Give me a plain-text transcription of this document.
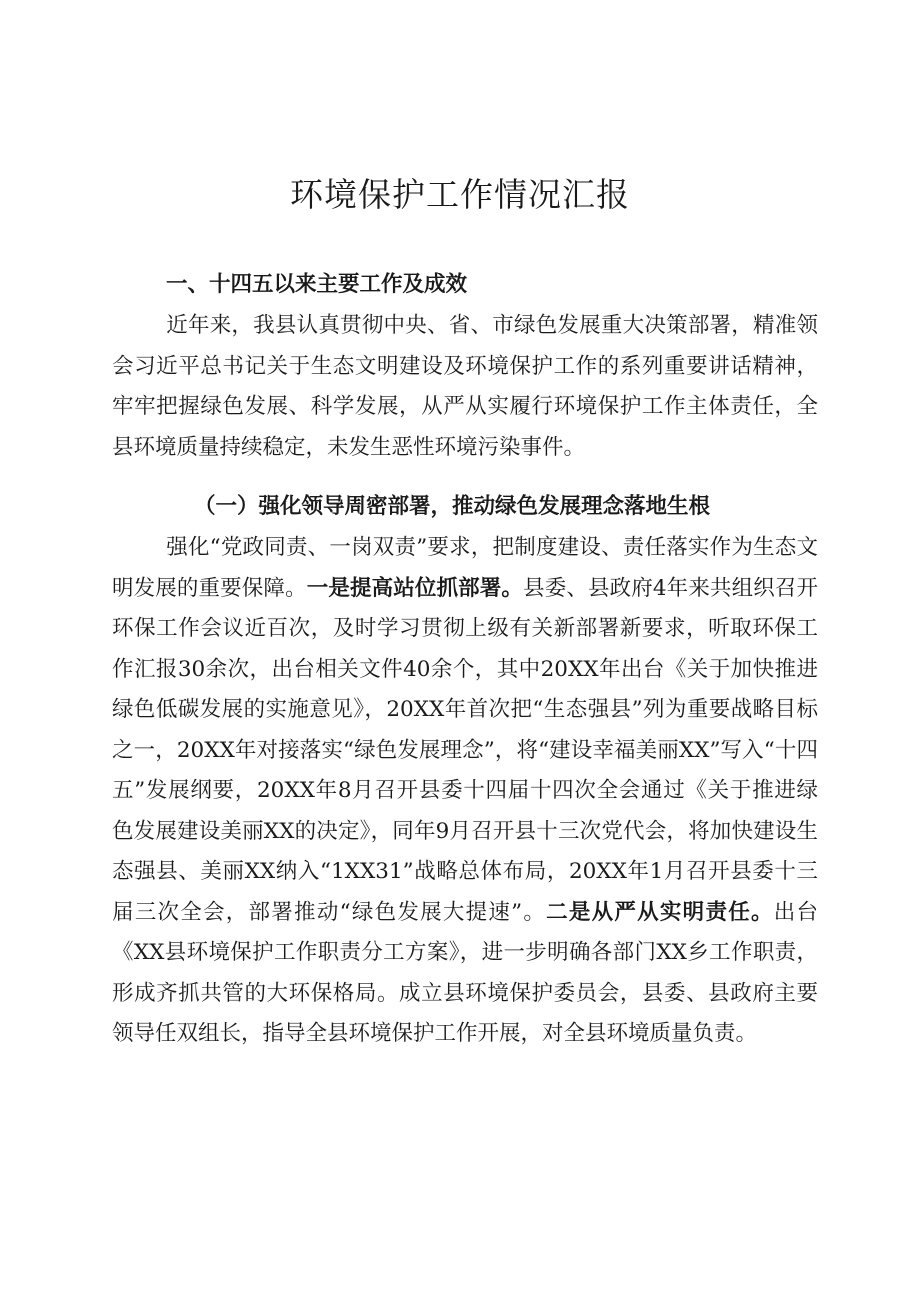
环境保护工作情况汇报

一、十四五以来主要工作及成效

近年来，我县认真贯彻中央、省、市绿色发展重大决策部署，精准领会习近平总书记关于生态文明建设及环境保护工作的系列重要讲话精神，牢牢把握绿色发展、科学发展，从严从实履行环境保护工作主体责任，全县环境质量持续稳定，未发生恶性环境污染事件。

（一）强化领导周密部署，推动绿色发展理念落地生根

强化“党政同责、一岗双责”要求，把制度建设、责任落实作为生态文明发展的重要保障。一是提高站位抓部署。县委、县政府4年来共组织召开环保工作会议近百次，及时学习贯彻上级有关新部署新要求，听取环保工作汇报30余次，出台相关文件40余个，其中20XX年出台《关于加快推进绿色低碳发展的实施意见》，20XX年首次把“生态强县”列为重要战略目标之一，20XX年对接落实“绿色发展理念”，将“建设幸福美丽XX”写入“十四五”发展纲要，20XX年8月召开县委十四届十四次全会通过《关于推进绿色发展建设美丽XX的决定》，同年9月召开县十三次党代会，将加快建设生态强县、美丽XX纳入“1XX31”战略总体布局，20XX年1月召开县委十三届三次全会，部署推动“绿色发展大提速”。二是从严从实明责任。出台《XX县环境保护工作职责分工方案》，进一步明确各部门XX乡工作职责，形成齐抓共管的大环保格局。成立县环境保护委员会，县委、县政府主要领导任双组长，指导全县环境保护工作开展，对全县环境质量负责。
